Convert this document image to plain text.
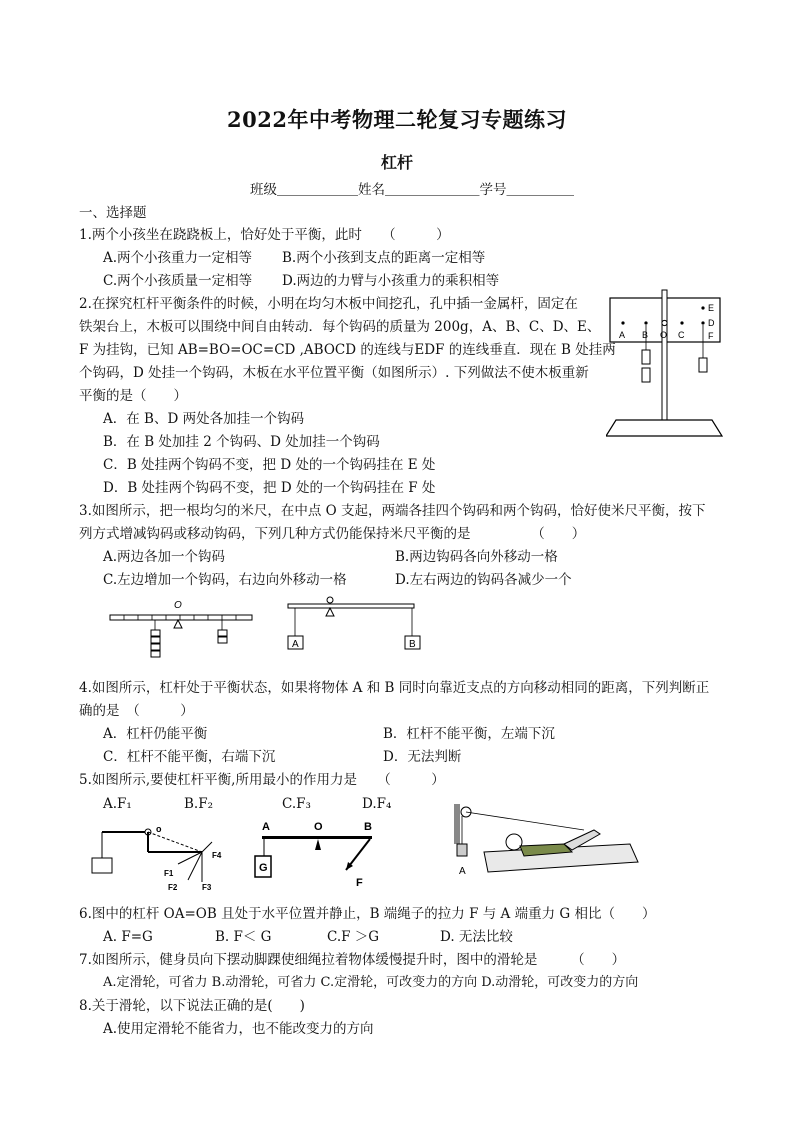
2022年中考物理二轮复习专题练习
杠杆
班级＿＿＿＿＿＿姓名＿＿＿＿＿＿＿学号＿＿＿＿＿
一、选择题
1.两个小孩坐在跷跷板上，恰好处于平衡，此时　　（　　　）
A.两个小孩重力一定相等 B.两个小孩到支点的距离一定相等
C.两个小孩质量一定相等 D.两边的力臂与小孩重力的乘积相等
2.在探究杠杆平衡条件的时候，小明在均匀木板中间挖孔，孔中插一金属杆，固定在
铁架台上，木板可以围绕中间自由转动．每个钩码的质量为 200g，A、B、C、D、E、
F 为挂钩，已知 AB=BO=OC=CD ,ABOCD 的连线与EDF 的连线垂直．现在 B 处挂两
个钩码，D 处挂一个钩码，木板在水平位置平衡（如图所示）. 下列做法不使木板重新
平衡的是（　　）
A．在 B、D 两处各加挂一个钩码
B．在 B 处加挂 2 个钩码、D 处加挂一个钩码
C．B 处挂两个钩码不变，把 D 处的一个钩码挂在 E 处
D．B 处挂两个钩码不变，把 D 处的一个钩码挂在 F 处
A B O C
E
D
F
3.如图所示，把一根均匀的米尺，在中点 O 支起，两端各挂四个钩码和两个钩码，恰好使米尺平衡，按下
列方式增减钩码或移动钩码，下列几种方式仍能保持米尺平衡的是　　　　　（　　）
A.两边各加一个钩码	B.两边钩码各向外移动一格
C.左边增加一个钩码，右边向外移动一格	D.左右两边的钩码各减少一个
O
A	B
4.如图所示，杠杆处于平衡状态，如果将物体 A 和 B 同时向靠近支点的方向移动相同的距离，下列判断正
确的是　（　　　）
A．杠杆仍能平衡	B．杠杆不能平衡，左端下沉
C．杠杆不能平衡，右端下沉	D．无法判断
5.如图所示,要使杠杆平衡,所用最小的作用力是　　（　　　）
A.F₁	B.F₂	C.F₃	D.F₄
o
F4
F1
F2	F3
A	O	B
G
F
A
6.图中的杠杆 OA=OB 且处于水平位置并静止，B 端绳子的拉力 F 与 A 端重力 G 相比（　　）
A. F=G	B. F＜ G	C.F ＞G	D. 无法比较
7.如图所示，健身员向下摆动脚踝使细绳拉着物体缓慢提升时，图中的滑轮是　　　（　　）
A.定滑轮，可省力 B.动滑轮，可省力 C.定滑轮，可改变力的方向 D.动滑轮，可改变力的方向
8.关于滑轮，以下说法正确的是(　　)
A.使用定滑轮不能省力，也不能改变力的方向
